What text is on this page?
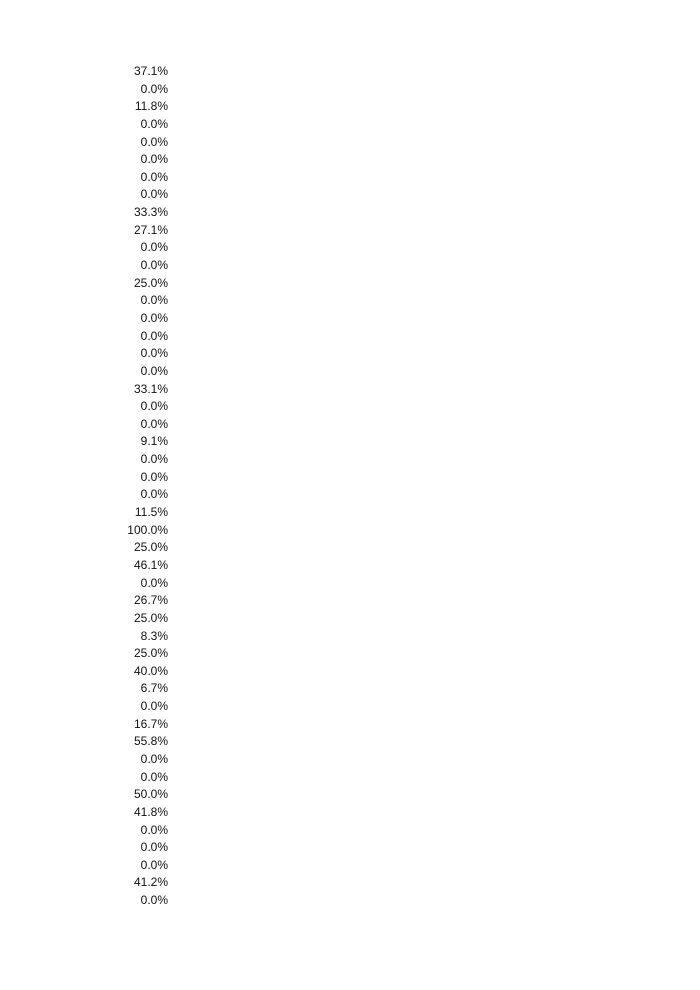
37.1%
0.0%
11.8%
0.0%
0.0%
0.0%
0.0%
0.0%
33.3%
27.1%
0.0%
0.0%
25.0%
0.0%
0.0%
0.0%
0.0%
0.0%
33.1%
0.0%
0.0%
9.1%
0.0%
0.0%
0.0%
11.5%
100.0%
25.0%
46.1%
0.0%
26.7%
25.0%
8.3%
25.0%
40.0%
6.7%
0.0%
16.7%
55.8%
0.0%
0.0%
50.0%
41.8%
0.0%
0.0%
0.0%
41.2%
0.0%
